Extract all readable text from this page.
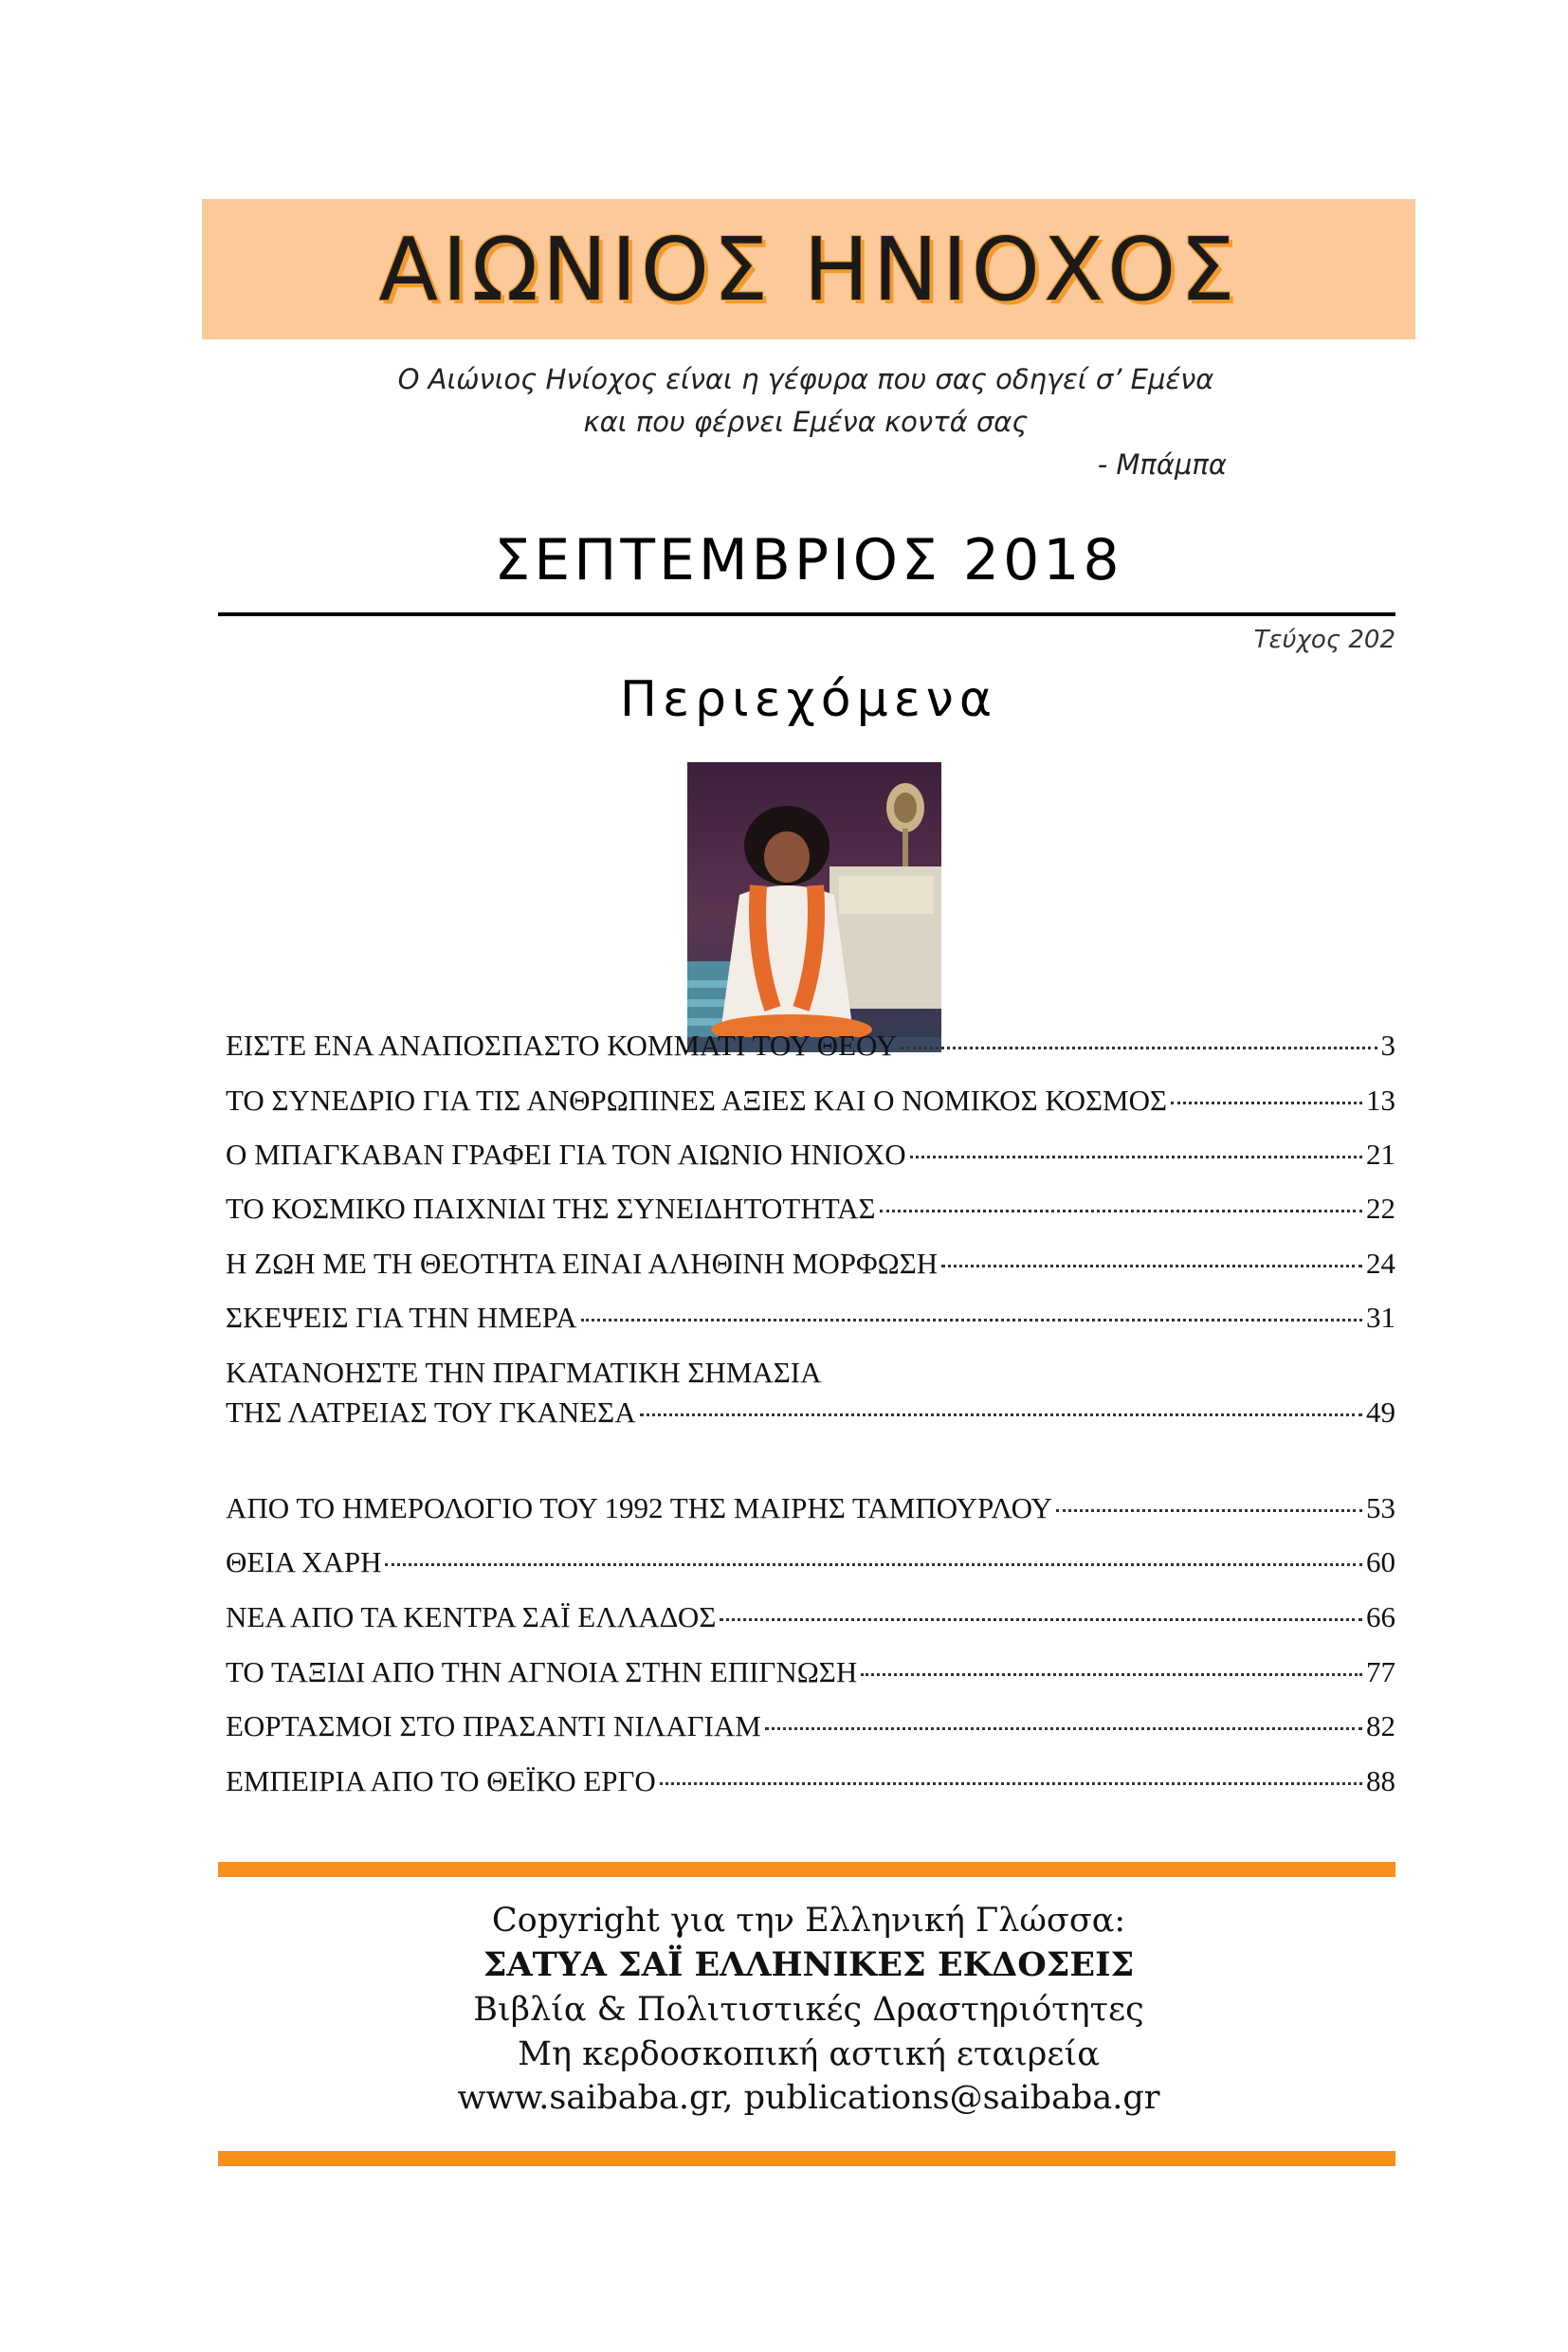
ΑΙΩΝΙΟΣ ΗΝΙΟΧΟΣ
Ο Αιώνιος Ηνίοχος είναι η γέφυρα που σας οδηγεί σ’ Εμένα
και που φέρνει Εμένα κοντά σας
- Μπάμπα
ΣΕΠΤΕΜΒΡΙΟΣ 2018
Τεύχος 202
Περιεχόμενα
ΕΙΣΤΕ ΕΝΑ ΑΝΑΠΟΣΠΑΣΤΟ ΚΟΜΜΑΤΙ ΤΟΥ ΘΕΟΥ	3
ΤΟ ΣΥΝΕΔΡΙΟ ΓΙΑ ΤΙΣ ΑΝΘΡΩΠΙΝΕΣ ΑΞΙΕΣ ΚΑΙ Ο ΝΟΜΙΚΟΣ ΚΟΣΜΟΣ	13
Ο ΜΠΑΓΚΑΒΑΝ ΓΡΑΦΕΙ ΓΙΑ ΤΟΝ ΑΙΩΝΙΟ ΗΝΙΟΧΟ	21
ΤΟ ΚΟΣΜΙΚΟ ΠΑΙΧΝΙΔΙ ΤΗΣ ΣΥΝΕΙΔΗΤΟΤΗΤΑΣ	22
Η ΖΩΗ ΜΕ ΤΗ ΘΕΟΤΗΤΑ ΕΙΝΑΙ ΑΛΗΘΙΝΗ ΜΟΡΦΩΣΗ	24
ΣΚΕΨΕΙΣ ΓΙΑ ΤΗΝ ΗΜΕΡΑ	31
ΚΑΤΑΝΟΗΣΤΕ ΤΗΝ ΠΡΑΓΜΑΤΙΚΗ ΣΗΜΑΣΙΑ
ΤΗΣ ΛΑΤΡΕΙΑΣ ΤΟΥ ΓΚΑΝΕΣΑ	49
ΑΠΟ ΤΟ ΗΜΕΡΟΛΟΓΙΟ ΤΟΥ 1992 ΤΗΣ ΜΑΙΡΗΣ ΤΑΜΠΟΥΡΛΟΥ	53
ΘΕΙΑ ΧΑΡΗ	60
ΝΕΑ ΑΠΟ ΤΑ ΚΕΝΤΡΑ ΣΑΪ ΕΛΛΑΔΟΣ	66
ΤΟ ΤΑΞΙΔΙ ΑΠΟ ΤΗΝ ΑΓΝΟΙΑ ΣΤΗΝ ΕΠΙΓΝΩΣΗ	77
ΕΟΡΤΑΣΜΟΙ ΣΤΟ ΠΡΑΣΑΝΤΙ ΝΙΛΑΓΙΑΜ	82
ΕΜΠΕΙΡΙΑ ΑΠΟ ΤΟ ΘΕΪΚΟ ΕΡΓΟ	88
Copyright για την Ελληνική Γλώσσα:
ΣΑΤΥΑ ΣΑΪ ΕΛΛΗΝΙΚΕΣ ΕΚΔΟΣΕΙΣ
Βιβλία & Πολιτιστικές Δραστηριότητες
Μη κερδοσκοπική αστική εταιρεία
www.saibaba.gr, publications@saibaba.gr
